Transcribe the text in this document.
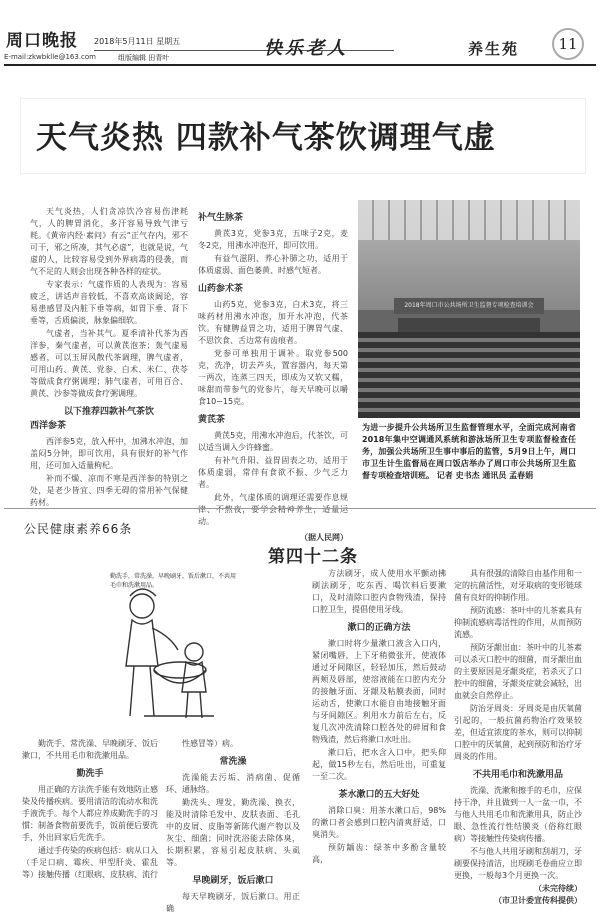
周口晚报 2018年5月11日 星期五
E-mail:zkwbklle@163.com	组版编辑 田青叶	快乐老人	养生苑	11
天气炎热 四款补气茶饮调理气虚

天气炎热，人们贪凉饮冷容易伤津耗气，人的脾胃消化，多汗容易导致气津亏耗。《黄帝内经·素问》有云“正气存内，邪不可干，邪之所凑，其气必虚”，也就是说，气虚的人，比较容易受到外界病毒的侵袭，而气不足的人则会出现各种各样的症状。

专家表示：气虚作质的人表现为：容易疲乏，讲话声音较低，不喜欢高谈阔论，容易患感冒及内脏下垂等病，如胃下垂、肾下垂等，舌质偏淡，脉象偏细软。

气虚者，当补其气。夏季清补代茶为西洋参，秦气虚者，可以黄芪泡茶；轰气虚易感者，可以玉屏风散代茶调理，脾气虚者，可用山药、黄芪、党参、白术、米仁、茯苓等做成食疗粥调理；肺气虚者，可用百合、黄芪、沙参等做成食疗粥调理。

以下推荐四款补气茶饮
西洋参茶

西洋参5克，放入杯中，加沸水冲泡，加盖闷5分钟，即可饮用，具有很好的补气作用，还可加入适量枸杞。

补而不燥、凉而不寒是西洋参的特别之处，是老少皆宜、四季无碍的常用补气保健药材。

补气生脉茶

黄芪3克，党参3克，五味子2克，麦冬2克，用沸水冲泡开，即可饮用。

有益气滋阴、养心补肺之功，适用于体质虚弱、面色萎黄、时感气短者。

山药参术茶

山药5克，党参3克，白术3克，将三味药材用沸水冲泡，加开水冲泡，代茶饮。有健脾益胃之功，适用于脾胃气虚、不思饮食、舌边常有齿痕者。

党参可单独用于调补。取党参500克，洗净，切去芦头，置容器内，每天第一两次，连蒸三四天，即成为又软又糯，味甜而带参气的党参片，每天早晚可以嚼食10~15克。

黄芪茶

黄芪5克，用沸水冲泡后，代茶饮，可以适当调入少许蜂蜜。

有补气升阳、益胃固表之功，适用于体质虚弱，常伴有食欲不振、少气乏力者。

此外，气虚体质的调理还需要作息规律、不熬夜，要学会精神养生，适量运动。

（据人民网）
2018年周口市公共场所卫生监督专项检查培训会
为进一步提升公共场所卫生监督管理水平，全面完成河南省2018年集中空调通风系统和游泳场所卫生专项监督检查任务，加强公共场所卫生事中事后的监管，5月9日上午，周口市卫生计生监督局在周口饭店举办了周口市公共场所卫生监督专项检查培训班。 记者 史书杰 通讯员 孟春娟
公民健康素养66条
第四十二条
勤洗手，常洗澡，早晚刷牙，饭后漱口，不共用毛巾和洗漱用品。

勤洗手、常洗澡、早晚刷牙、饭后漱口，不共用毛巾和洗漱用品。

勤洗手

用正确的方法洗手能有效地防止感染及传播疾病。要用清洁的流动水和洗手液洗手。每个人都应养成勤洗手的习惯：制备食物前要洗手，饭前便后要洗手，外出回家后先洗手。

通过手传染的疾病包括：病从口入（手足口病、霉疾、甲型肝炎、霍乱等）接触传播（红眼病、皮肤病、流行

性感冒等）病。

常洗澡

洗澡能去污垢、消病菌、促循环、通脉络。

勤洗头、理发，勤洗澡、换衣，能及时清除毛发中、皮肤表面、毛孔中的皮屑、皮脂等新陈代谢产物以及灰尘、细菌；同时洗浴能去除体臭，长期积累，容易引起皮肤病、头虱等。

早晚刷牙，饭后漱口

每天早晚刷牙，饭后漱口。用正确

方法刷牙，成人使用水平颤动拂刷法刷牙，吃东西、喝饮料后要漱口，及时清除口腔内食物残渣，保持口腔卫生，提倡使用牙线。

漱口的正确方法

漱口时将少量漱口液含入口内，紧闭嘴唇，上下牙稍微张开，使液体通过牙间隙区，轻轻加压，然后鼓动两颊及唇部，使溶液能在口腔内充分的接触牙面、牙龈及粘膜表面，同时运动舌，使漱口水能自由地接触牙面与牙间隙区。利用水力前后左右，反复几次冲洗清除口腔各处的碎屑和食物残渣，然后将漱口水吐出。

漱口后，把水含入口中，把头仰起，做15秒左右，然后吐出，可重复一至二次。

茶水漱口的五大好处

消除口臭：用茶水漱口后，98%的漱口者会感到口腔内清爽舒适，口臭消失。

预防龋齿：绿茶中多酚含量较高，

具有很强的清除自由基作用和一定的抗菌活性，对牙取病的变形链球菌有良好的抑制作用。

预防流感：茶叶中的儿茶素具有抑制流感病毒活性的作用，从而预防流感。

预防牙龈出血：茶叶中的儿茶素可以杀灭口腔中的细菌，而牙龈出血的主要原因是牙龈炎症，若杀灭了口腔中的细菌，牙龈炎症就会减轻，出血就会自然停止。

防治牙周炎：牙周炎是由厌氧菌引起的，一般抗菌药物治疗效果较差，但适宜浓度的茶水，则可以抑制口腔中的厌氧菌，起到预防和治疗牙周炎的作用。

不共用毛巾和洗漱用品

洗澡、洗漱和擦手的毛巾，应保持干净，并且做到一人一盆一巾，不与他人共用毛巾和洗漱用具，防止沙眼、急性流行性结膜炎（俗称红眼病）等接触性传染病传播。

不与他人共用牙刷和刮胡刀，牙刷要保持清洁，出现刷毛卷曲应立即更换，一般每3个月更换一次。

（未完待续）
（市卫计委宣传科提供）
